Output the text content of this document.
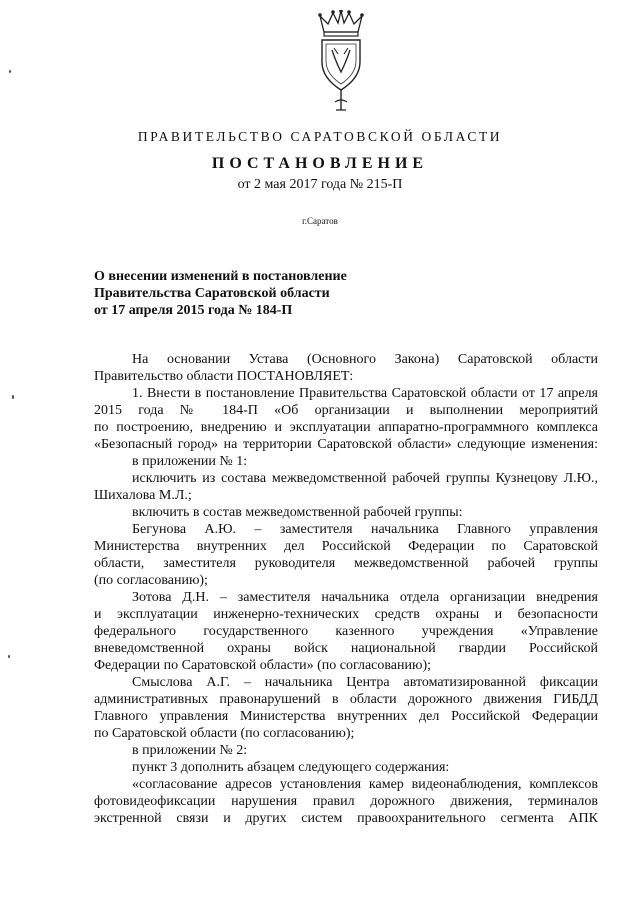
ПРАВИТЕЛЬСТВО САРАТОВСКОЙ ОБЛАСТИ
ПОСТАНОВЛЕНИЕ
от 2 мая 2017 года № 215-П
г.Саратов
О внесении изменений в постановление
Правительства Саратовской области
от 17 апреля 2015 года № 184-П

На основании Устава (Основного Закона) Саратовской области

Правительство области ПОСТАНОВЛЯЕТ:

1. Внести в постановление Правительства Саратовской области от 17 апреля

2015 года № 184-П «Об организации и выполнении мероприятий

по построению, внедрению и эксплуатации аппаратно-программного комплекса

«Безопасный город» на территории Саратовской области» следующие изменения:

в приложении № 1:

исключить из состава межведомственной рабочей группы Кузнецову Л.Ю.,

Шихалова М.Л.;

включить в состав межведомственной рабочей группы:

Бегунова А.Ю. – заместителя начальника Главного управления

Министерства внутренних дел Российской Федерации по Саратовской

области, заместителя руководителя межведомственной рабочей группы

(по согласованию);

Зотова Д.Н. – заместителя начальника отдела организации внедрения

и эксплуатации инженерно-технических средств охраны и безопасности

федерального государственного казенного учреждения «Управление

вневедомственной охраны войск национальной гвардии Российской

Федерации по Саратовской области» (по согласованию);

Смыслова А.Г. – начальника Центра автоматизированной фиксации

административных правонарушений в области дорожного движения ГИБДД

Главного управления Министерства внутренних дел Российской Федерации

по Саратовской области (по согласованию);

в приложении № 2:

пункт 3 дополнить абзацем следующего содержания:

«согласование адресов установления камер видеонаблюдения, комплексов

фотовидеофиксации нарушения правил дорожного движения, терминалов

экстренной связи и других систем правоохранительного сегмента АПК
